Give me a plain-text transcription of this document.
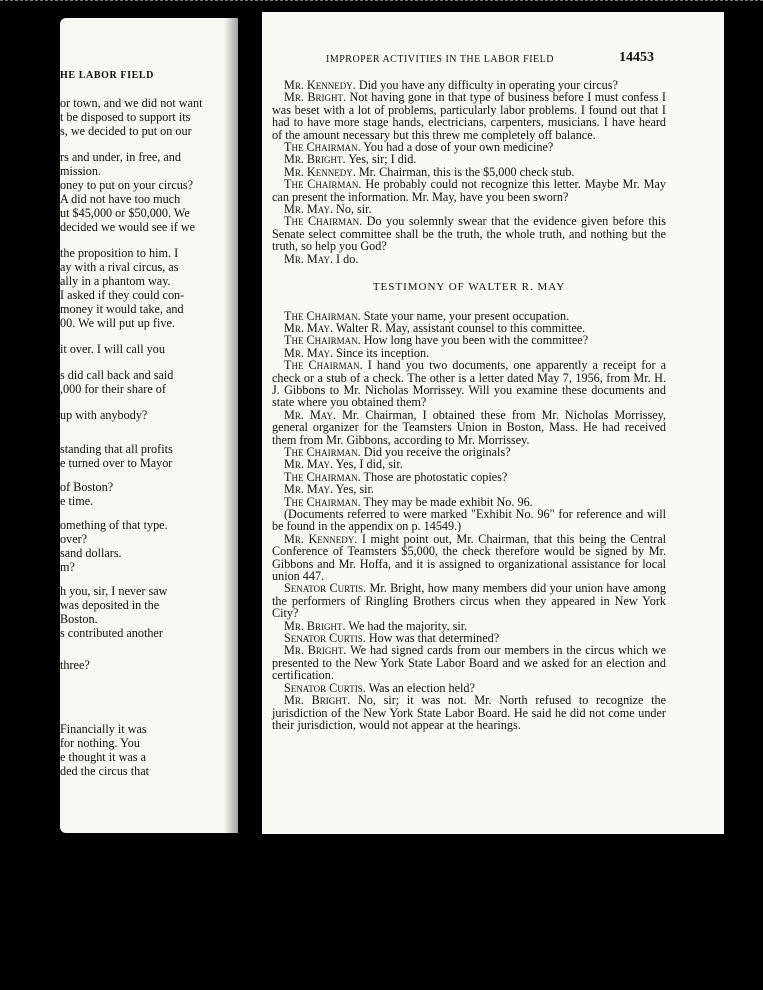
HE LABOR FIELD
or town, and we did not want
t be disposed to support its
s, we decided to put on our
rs and under, in free, and
mission.
oney to put on your circus?
A did not have too much
ut $45,000 or $50,000. We
decided we would see if we
the proposition to him. I
ay with a rival circus, as
ally in a phantom way.
I asked if they could con-
money it would take, and
00. We will put up five.
it over. I will call you
s did call back and said
,000 for their share of
up with anybody?
standing that all profits
e turned over to Mayor
of Boston?
e time.
omething of that type.
over?
sand dollars.
m?
h you, sir, I never saw
was deposited in the
Boston.
s contributed another
three?
Financially it was
for nothing. You
e thought it was a
ded the circus that
IMPROPER ACTIVITIES IN THE LABOR FIELD	14453

Mr. Kennedy. Did you have any difficulty in operating your circus?

Mr. Bright. Not having gone in that type of business before I must confess I was beset with a lot of problems, particularly labor problems. I found out that I had to have more stage hands, electricians, carpenters, musicians. I have heard of the amount necessary but this threw me completely off balance.

The Chairman. You had a dose of your own medicine?

Mr. Bright. Yes, sir; I did.

Mr. Kennedy. Mr. Chairman, this is the $5,000 check stub.

The Chairman. He probably could not recognize this letter. Maybe Mr. May can present the information. Mr. May, have you been sworn?

Mr. May. No, sir.

The Chairman. Do you solemnly swear that the evidence given before this Senate select committee shall be the truth, the whole truth, and nothing but the truth, so help you God?

Mr. May. I do.

TESTIMONY OF WALTER R. MAY

The Chairman. State your name, your present occupation.

Mr. May. Walter R. May, assistant counsel to this committee.

The Chairman. How long have you been with the committee?

Mr. May. Since its inception.

The Chairman. I hand you two documents, one apparently a receipt for a check or a stub of a check. The other is a letter dated May 7, 1956, from Mr. H. J. Gibbons to Mr. Nicholas Morrissey. Will you examine these documents and state where you obtained them?

Mr. May. Mr. Chairman, I obtained these from Mr. Nicholas Morrissey, general organizer for the Teamsters Union in Boston, Mass. He had received them from Mr. Gibbons, according to Mr. Morrissey.

The Chairman. Did you receive the originals?

Mr. May. Yes, I did, sir.

The Chairman. Those are photostatic copies?

Mr. May. Yes, sir.

The Chairman. They may be made exhibit No. 96.

(Documents referred to were marked "Exhibit No. 96" for reference and will be found in the appendix on p. 14549.)

Mr. Kennedy. I might point out, Mr. Chairman, that this being the Central Conference of Teamsters $5,000, the check therefore would be signed by Mr. Gibbons and Mr. Hoffa, and it is assigned to organizational assistance for local union 447.

Senator Curtis. Mr. Bright, how many members did your union have among the performers of Ringling Brothers circus when they appeared in New York City?

Mr. Bright. We had the majority, sir.

Senator Curtis. How was that determined?

Mr. Bright. We had signed cards from our members in the circus which we presented to the New York State Labor Board and we asked for an election and certification.

Senator Curtis. Was an election held?

Mr. Bright. No, sir; it was not. Mr. North refused to recognize the jurisdiction of the New York State Labor Board. He said he did not come under their jurisdiction, would not appear at the hearings.
